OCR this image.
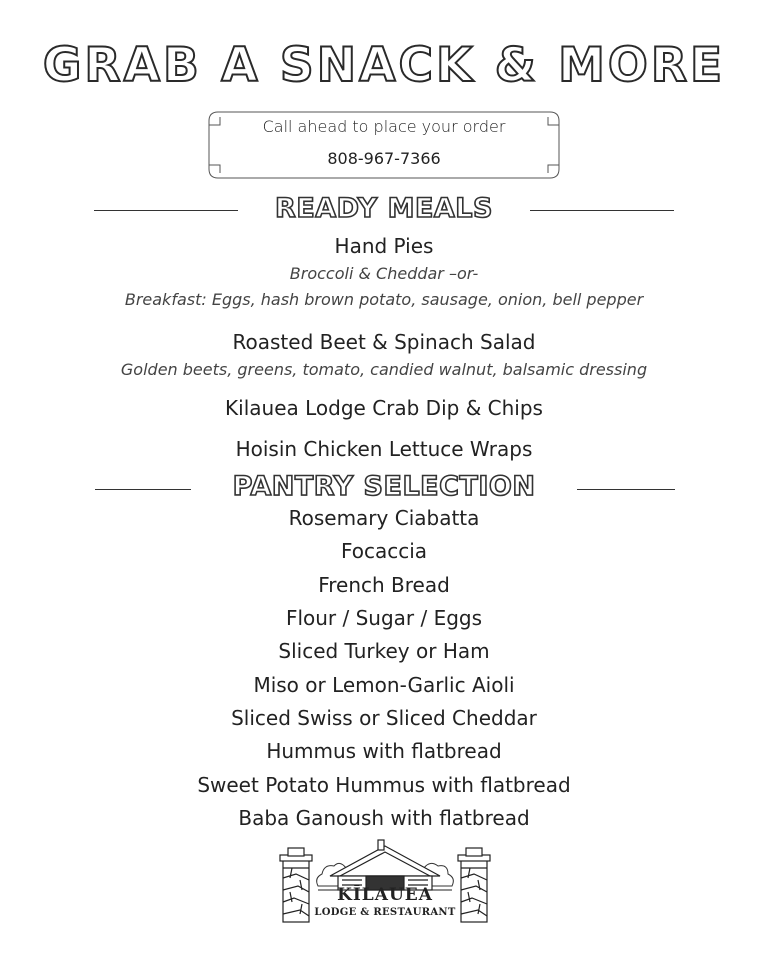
GRAB A SNACK & MORE
Call ahead to place your order
808-967-7366
READY MEALS
Hand Pies
Broccoli & Cheddar –or-
Breakfast: Eggs, hash brown potato, sausage, onion, bell pepper
Roasted Beet & Spinach Salad
Golden beets, greens, tomato, candied walnut, balsamic dressing
Kilauea Lodge Crab Dip & Chips
Hoisin Chicken Lettuce Wraps
PANTRY SELECTION
Rosemary Ciabatta
Focaccia
French Bread
Flour / Sugar / Eggs
Sliced Turkey or Ham
Miso or Lemon-Garlic Aioli
Sliced Swiss or Sliced Cheddar
Hummus with flatbread
Sweet Potato Hummus with flatbread
Baba Ganoush with flatbread
KĪLAUEA
LODGE & RESTAURANT
